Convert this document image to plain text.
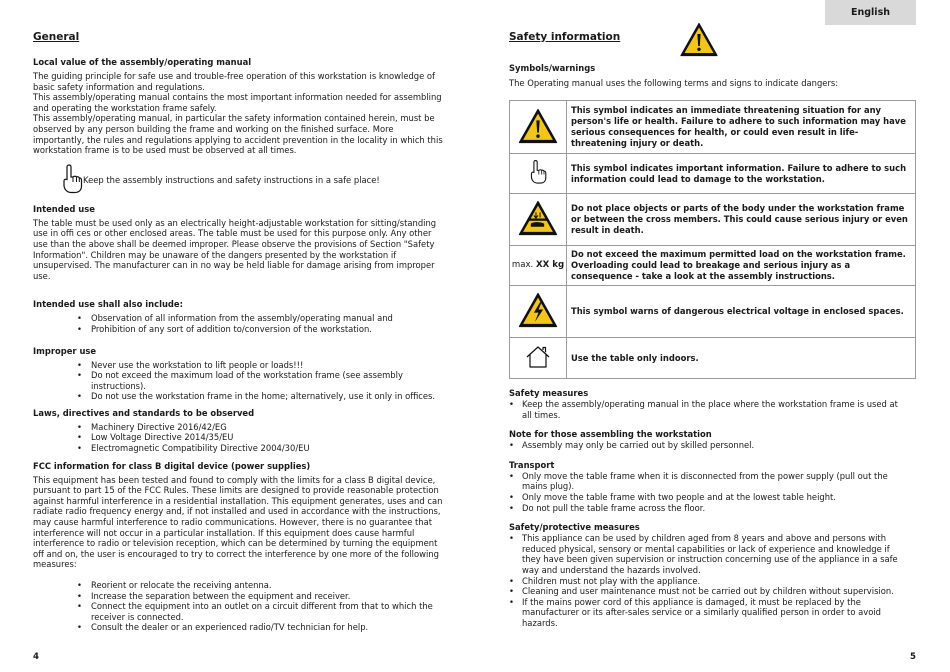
English
General
Local value of the assembly/operating manual

The guiding principle for safe use and trouble-free operation of this workstation is knowledge of basic safety information and regulations.

This assembly/operating manual contains the most important information needed for assembling and operating the workstation frame safely.

This assembly/operating manual, in particular the safety information contained herein, must be observed by any person building the frame and working on the finished surface. More importantly, the rules and regulations applying to accident prevention in the locality in which this workstation frame is to be used must be observed at all times.

Keep the assembly instructions and safety instructions in a safe place!
Intended use

The table must be used only as an electrically height-adjustable workstation for sitting/standing use in offi ces or other enclosed areas. The table must be used for this purpose only. Any other use than the above shall be deemed improper. Please observe the provisions of Section "Safety Information". Children may be unaware of the dangers presented by the workstation if unsupervised. The manufacturer can in no way be held liable for damage arising from improper use.

Intended use shall also include:
• Observation of all information from the assembly/operating manual and
• Prohibition of any sort of addition to/conversion of the workstation.
Improper use
• Never use the workstation to lift people or loads!!!
• Do not exceed the maximum load of the workstation frame (see assembly instructions).
• Do not use the workstation frame in the home; alternatively, use it only in offices.
Laws, directives and standards to be observed
• Machinery Directive 2016/42/EG
• Low Voltage Directive 2014/35/EU
• Electromagnetic Compatibility Directive 2004/30/EU
FCC information for class B digital device (power supplies)

This equipment has been tested and found to comply with the limits for a class B digital device, pursuant to part 15 of the FCC Rules. These limits are designed to provide reasonable protection against harmful interference in a residential installation. This equipment generates, uses and can radiate radio frequency energy and, if not installed and used in accordance with the instructions, may cause harmful interference to radio communications. However, there is no guarantee that interference will not occur in a particular installation. If this equipment does cause harmful interference to radio or television reception, which can be determined by turning the equipment off and on, the user is encouraged to try to correct the interference by one more of the following measures:

• Reorient or relocate the receiving antenna.
• Increase the separation between the equipment and receiver.
• Connect the equipment into an outlet on a circuit different from that to which the receiver is connected.
• Consult the dealer or an experienced radio/TV technician for help.
4
Safety information
Symbols/warnings

The Operating manual uses the following terms and signs to indicate dangers:

	This symbol indicates an immediate threatening situation for any person's life or health. Failure to adhere to such information may have serious consequences for health, or could even result in life-threatening injury or death.
	This symbol indicates important information. Failure to adhere to such information could lead to damage to the workstation.
	Do not place objects or parts of the body under the workstation frame or between the cross members. This could cause serious injury or even result in death.
max. XX kg	Do not exceed the maximum permitted load on the workstation frame. Overloading could lead to breakage and serious injury as a consequence - take a look at the assembly instructions.
	This symbol warns of dangerous electrical voltage in enclosed spaces.
	Use the table only indoors.
Safety measures
• Keep the assembly/operating manual in the place where the workstation frame is used at all times.
Note for those assembling the workstation
• Assembly may only be carried out by skilled personnel.
Transport
• Only move the table frame when it is disconnected from the power supply (pull out the mains plug).
• Only move the table frame with two people and at the lowest table height.
• Do not pull the table frame across the floor.
Safety/protective measures
• This appliance can be used by children aged from 8 years and above and persons with reduced physical, sensory or mental capabilities or lack of experience and knowledge if they have been given supervision or instruction concerning use of the appliance in a safe way and understand the hazards involved.
• Children must not play with the appliance.
• Cleaning and user maintenance must not be carried out by children without supervision.
• If the mains power cord of this appliance is damaged, it must be replaced by the manufacturer or its after-sales service or a similarly qualified person in order to avoid hazards.
5
